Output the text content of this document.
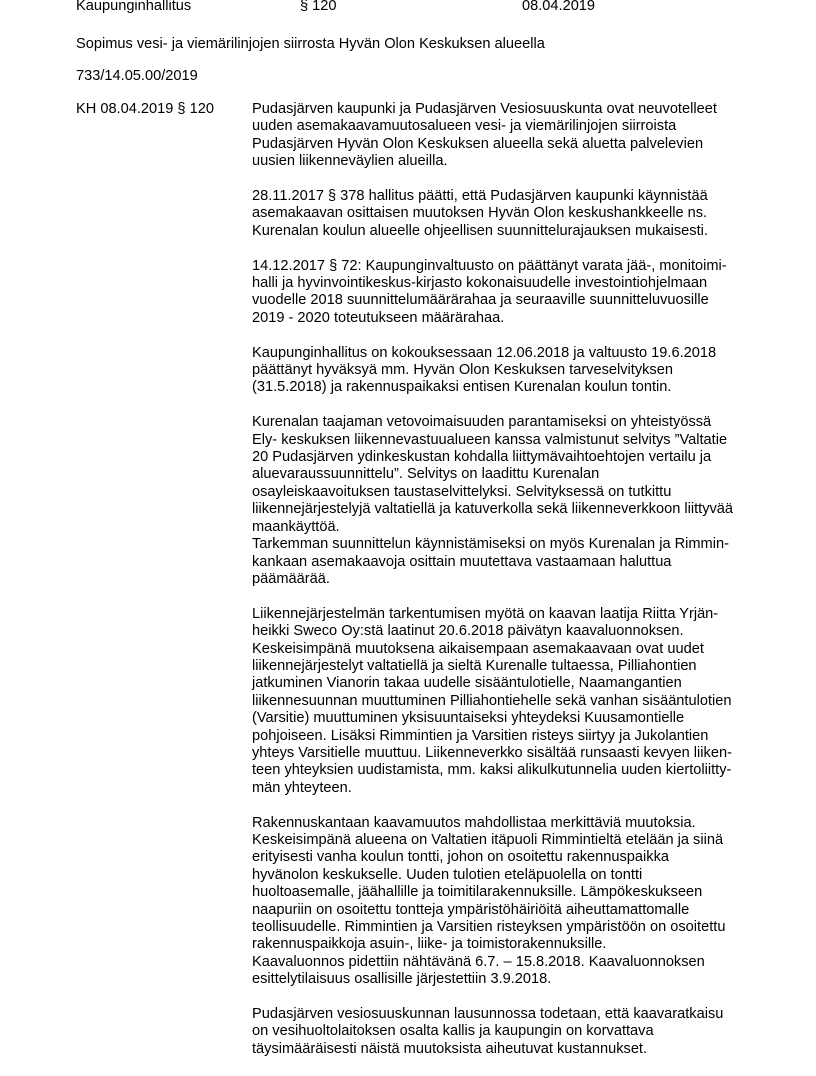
Kaupunginhallitus	§ 120	08.04.2019
Sopimus vesi- ja viemärilinjojen siirrosta Hyvän Olon Keskuksen alueella
733/14.05.00/2019
KH 08.04.2019 § 120	Pudasjärven kaupunki ja Pudasjärven Vesiosuuskunta ovat neuvotelleet
uuden asemakaavamuutosalueen vesi- ja viemärilinjojen siirroista
Pudasjärven Hyvän Olon Keskuksen alueella sekä aluetta palvelevien
uusien liikenneväylien alueilla.

28.11.2017 § 378 hallitus päätti, että Pudasjärven kaupunki käynnistää
asemakaavan osittaisen muutoksen Hyvän Olon keskushankkeelle ns.
Kurenalan koulun alueelle ohjeellisen suunnittelurajauksen mukaisesti.

14.12.2017 § 72: Kaupunginvaltuusto on päättänyt varata jää-, monitoimi-
halli ja hyvinvointikeskus-kirjasto kokonaisuudelle investointiohjelmaan
vuodelle 2018 suunnittelumäärärahaa ja seuraaville suunnitteluvuosille
2019 - 2020 toteutukseen määrärahaa.

Kaupunginhallitus on kokouksessaan 12.06.2018 ja valtuusto 19.6.2018
päättänyt hyväksyä mm. Hyvän Olon Keskuksen tarveselvityksen
(31.5.2018) ja rakennuspaikaksi entisen Kurenalan koulun tontin.

Kurenalan taajaman vetovoimaisuuden parantamiseksi on yhteistyössä
Ely- keskuksen liikennevastuualueen kanssa valmistunut selvitys ”Valtatie
20 Pudasjärven ydinkeskustan kohdalla liittymävaihtoehtojen vertailu ja
aluevaraussuunnittelu”. Selvitys on laadittu Kurenalan
osayleiskaavoituksen taustaselvittelyksi. Selvityksessä on tutkittu
liikennejärjestelyjä valtatiellä ja katuverkolla sekä liikenneverkkoon liittyvää
maankäyttöä.

Tarkemman suunnittelun käynnistämiseksi on myös Kurenalan ja Rimmin-
kankaan asemakaavoja osittain muutettava vastaamaan haluttua
päämäärää.

Liikennejärjestelmän tarkentumisen myötä on kaavan laatija Riitta Yrjän-
heikki Sweco Oy:stä laatinut 20.6.2018 päivätyn kaavaluonnoksen.
Keskeisimpänä muutoksena aikaisempaan asemakaavaan ovat uudet
liikennejärjestelyt valtatiellä ja sieltä Kurenalle tultaessa, Pilliahontien
jatkuminen Vianorin takaa uudelle sisääntulotielle, Naamangantien
liikennesuunnan muuttuminen Pilliahontiehelle sekä vanhan sisääntulotien
(Varsitie) muuttuminen yksisuuntaiseksi yhteydeksi Kuusamontielle
pohjoiseen. Lisäksi Rimmintien ja Varsitien risteys siirtyy ja Jukolantien
yhteys Varsitielle muuttuu. Liikenneverkko sisältää runsaasti kevyen liiken-
teen yhteyksien uudistamista, mm. kaksi alikulkutunnelia uuden kiertoliitty-
män yhteyteen.

Rakennuskantaan kaavamuutos mahdollistaa merkittäviä muutoksia.
Keskeisimpänä alueena on Valtatien itäpuoli Rimmintieltä etelään ja siinä
erityisesti vanha koulun tontti, johon on osoitettu rakennuspaikka
hyvänolon keskukselle. Uuden tulotien eteläpuolella on tontti
huoltoasemalle, jäähallille ja toimitilarakennuksille. Lämpökeskukseen
naapuriin on osoitettu tontteja ympäristöhäiriöitä aiheuttamattomalle
teollisuudelle. Rimmintien ja Varsitien risteyksen ympäristöön on osoitettu
rakennuspaikkoja asuin-, liike- ja toimistorakennuksille.

Kaavaluonnos pidettiin nähtävänä 6.7. – 15.8.2018. Kaavaluonnoksen
esittelytilaisuus osallisille järjestettiin 3.9.2018.

Pudasjärven vesiosuuskunnan lausunnossa todetaan, että kaavaratkaisu
on vesihuoltolaitoksen osalta kallis ja kaupungin on korvattava
täysimääräisesti näistä muutoksista aiheutuvat kustannukset.
